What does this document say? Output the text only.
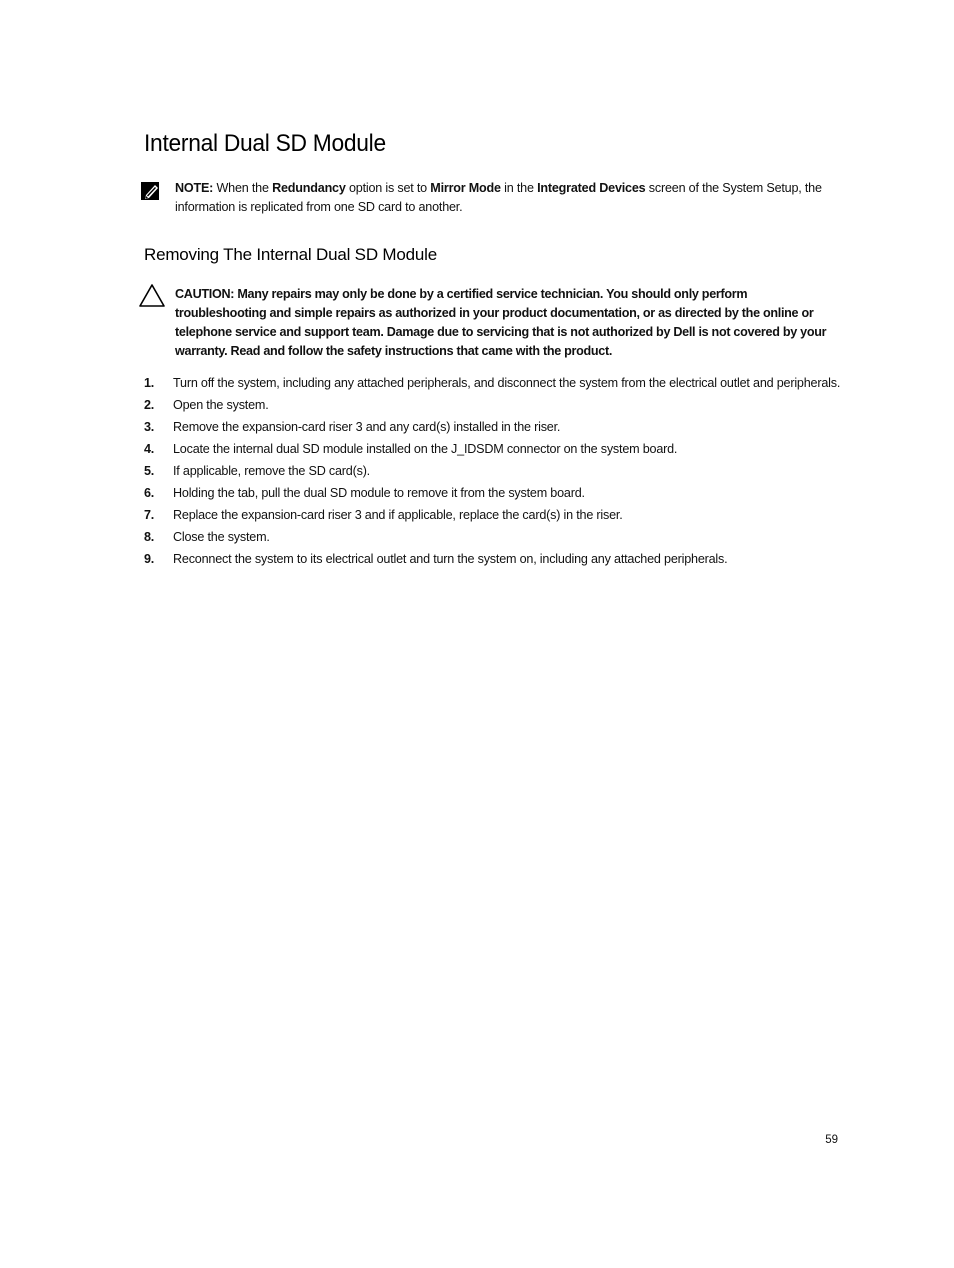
Internal Dual SD Module
NOTE: When the Redundancy option is set to Mirror Mode in the Integrated Devices screen of the System Setup, the information is replicated from one SD card to another.
Removing The Internal Dual SD Module
CAUTION: Many repairs may only be done by a certified service technician. You should only perform troubleshooting and simple repairs as authorized in your product documentation, or as directed by the online or telephone service and support team. Damage due to servicing that is not authorized by Dell is not covered by your warranty. Read and follow the safety instructions that came with the product.
1. Turn off the system, including any attached peripherals, and disconnect the system from the electrical outlet and peripherals.
2. Open the system.
3. Remove the expansion-card riser 3 and any card(s) installed in the riser.
4. Locate the internal dual SD module installed on the J_IDSDM connector on the system board.
5. If applicable, remove the SD card(s).
6. Holding the tab, pull the dual SD module to remove it from the system board.
7. Replace the expansion-card riser 3 and if applicable, replace the card(s) in the riser.
8. Close the system.
9. Reconnect the system to its electrical outlet and turn the system on, including any attached peripherals.
59
